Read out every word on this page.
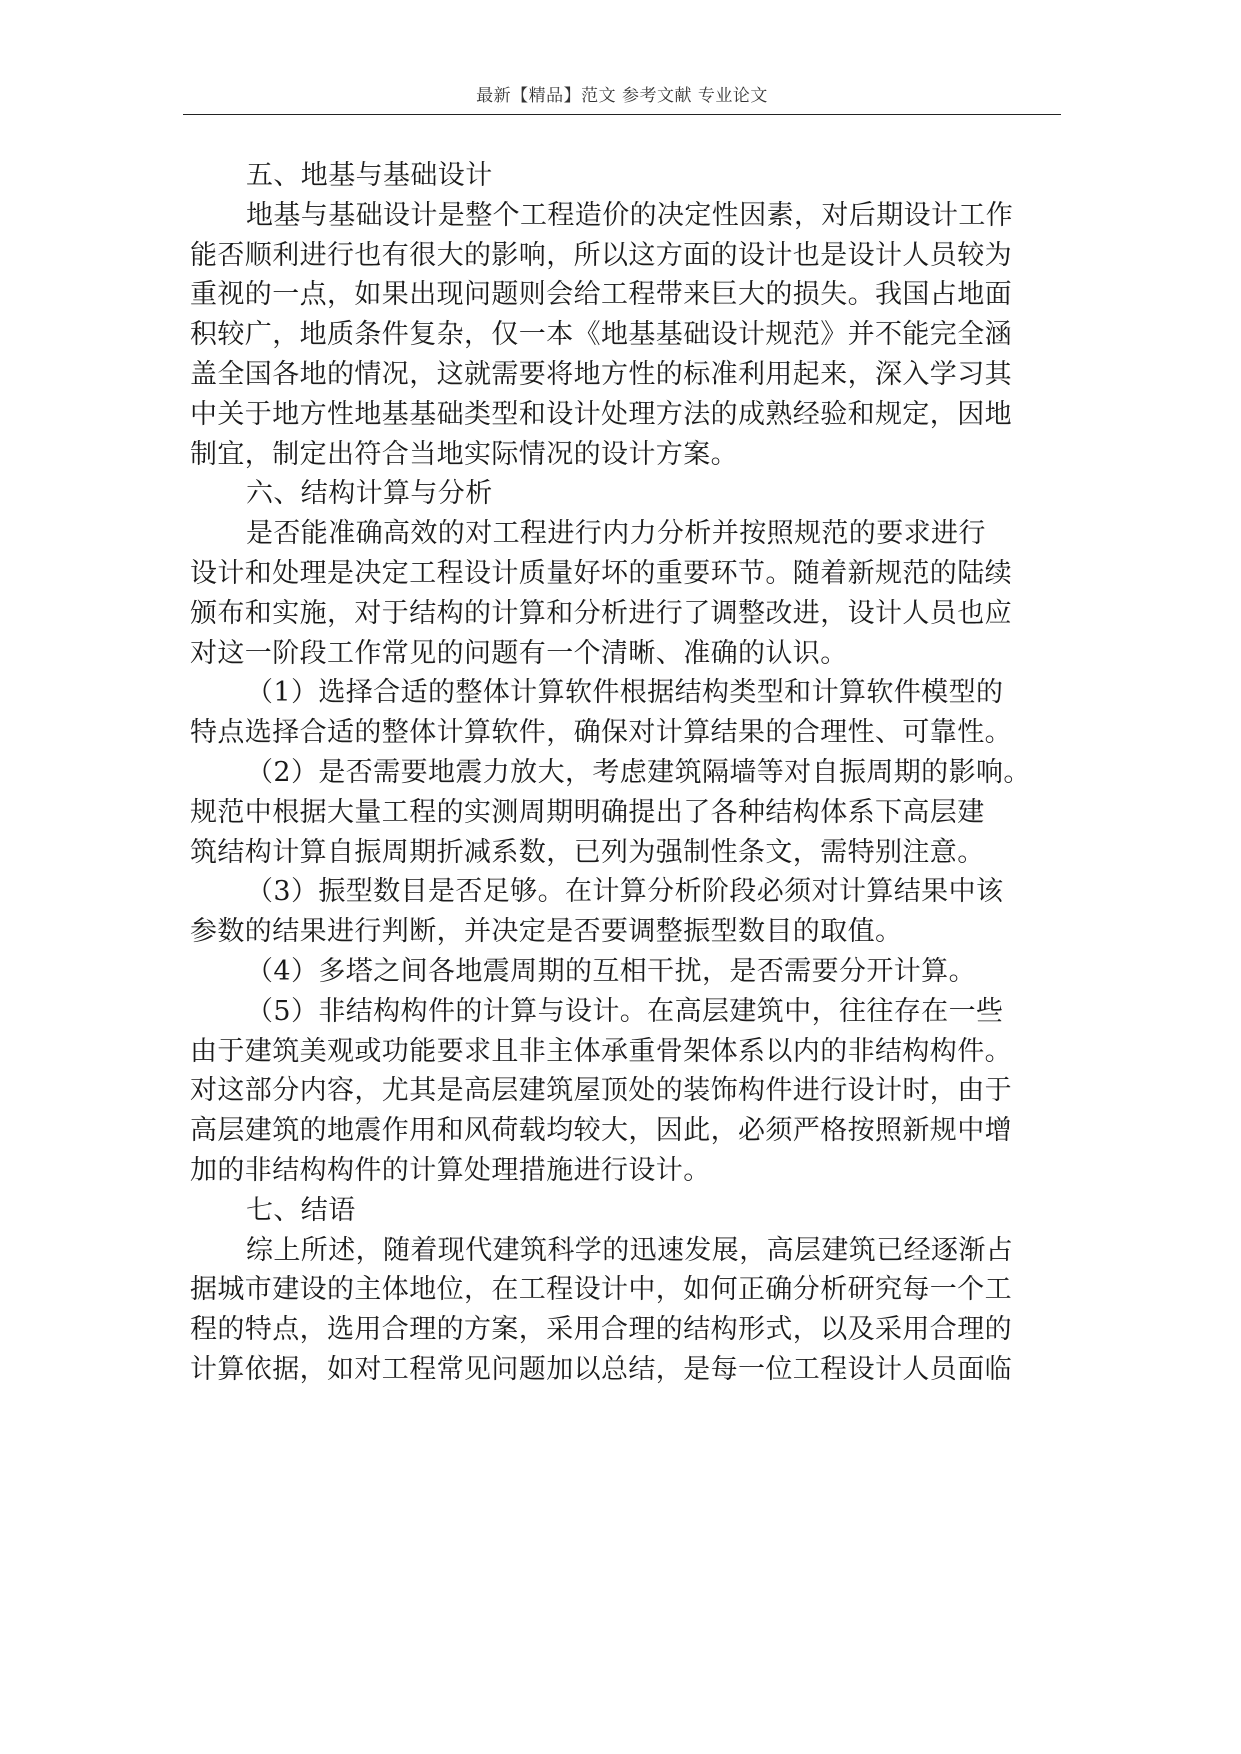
最新【精品】范文 参考文献 专业论文
五、地基与基础设计
地基与基础设计是整个工程造价的决定性因素，对后期设计工作
能否顺利进行也有很大的影响，所以这方面的设计也是设计人员较为
重视的一点，如果出现问题则会给工程带来巨大的损失。我国占地面
积较广，地质条件复杂，仅一本《地基基础设计规范》并不能完全涵
盖全国各地的情况，这就需要将地方性的标准利用起来，深入学习其
中关于地方性地基基础类型和设计处理方法的成熟经验和规定，因地
制宜，制定出符合当地实际情况的设计方案。
六、结构计算与分析
是否能准确高效的对工程进行内力分析并按照规范的要求进行
设计和处理是决定工程设计质量好坏的重要环节。随着新规范的陆续
颁布和实施，对于结构的计算和分析进行了调整改进，设计人员也应
对这一阶段工作常见的问题有一个清晰、准确的认识。
（1）选择合适的整体计算软件根据结构类型和计算软件模型的
特点选择合适的整体计算软件，确保对计算结果的合理性、可靠性。
（2）是否需要地震力放大，考虑建筑隔墙等对自振周期的影响。
规范中根据大量工程的实测周期明确提出了各种结构体系下高层建
筑结构计算自振周期折减系数，已列为强制性条文，需特别注意。
（3）振型数目是否足够。在计算分析阶段必须对计算结果中该
参数的结果进行判断，并决定是否要调整振型数目的取值。
（4）多塔之间各地震周期的互相干扰，是否需要分开计算。
（5）非结构构件的计算与设计。在高层建筑中，往往存在一些
由于建筑美观或功能要求且非主体承重骨架体系以内的非结构构件。
对这部分内容，尤其是高层建筑屋顶处的装饰构件进行设计时，由于
高层建筑的地震作用和风荷载均较大，因此，必须严格按照新规中增
加的非结构构件的计算处理措施进行设计。
七、结语
综上所述，随着现代建筑科学的迅速发展，高层建筑已经逐渐占
据城市建设的主体地位，在工程设计中，如何正确分析研究每一个工
程的特点，选用合理的方案，采用合理的结构形式，以及采用合理的
计算依据，如对工程常见问题加以总结，是每一位工程设计人员面临
